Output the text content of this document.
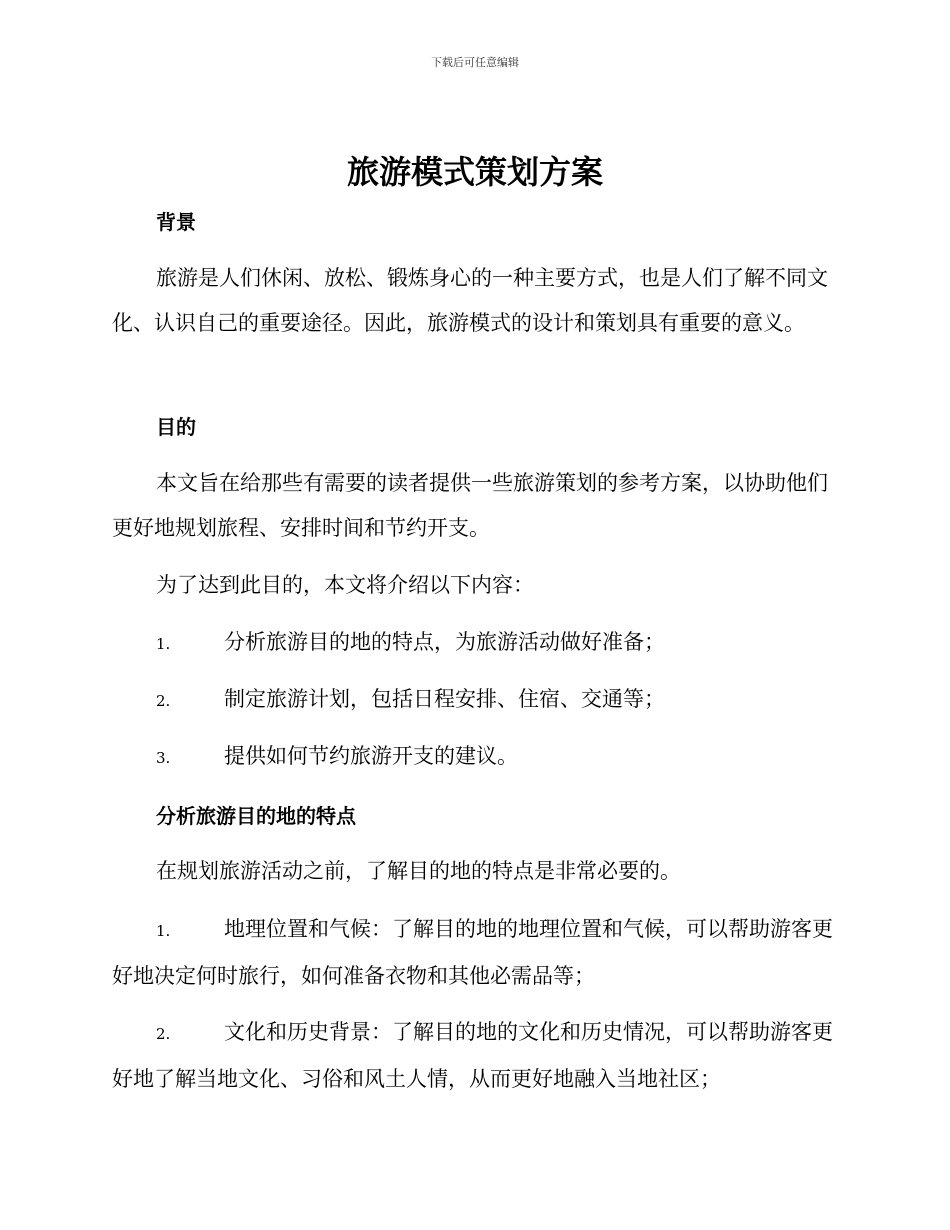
下载后可任意编辑
旅游模式策划方案
背景

旅游是人们休闲、放松、锻炼身心的一种主要方式，也是人们了解不同文化、认识自己的重要途径。因此，旅游模式的设计和策划具有重要的意义。

目的

本文旨在给那些有需要的读者提供一些旅游策划的参考方案，以协助他们更好地规划旅程、安排时间和节约开支。

为了达到此目的，本文将介绍以下内容：

1.	分析旅游目的地的特点，为旅游活动做好准备；

2.	制定旅游计划，包括日程安排、住宿、交通等；

3.	提供如何节约旅游开支的建议。

分析旅游目的地的特点

在规划旅游活动之前，了解目的地的特点是非常必要的。

1.	地理位置和气候：了解目的地的地理位置和气候，可以帮助游客更好地决定何时旅行，如何准备衣物和其他必需品等；

2.	文化和历史背景：了解目的地的文化和历史情况，可以帮助游客更好地了解当地文化、习俗和风土人情，从而更好地融入当地社区；
